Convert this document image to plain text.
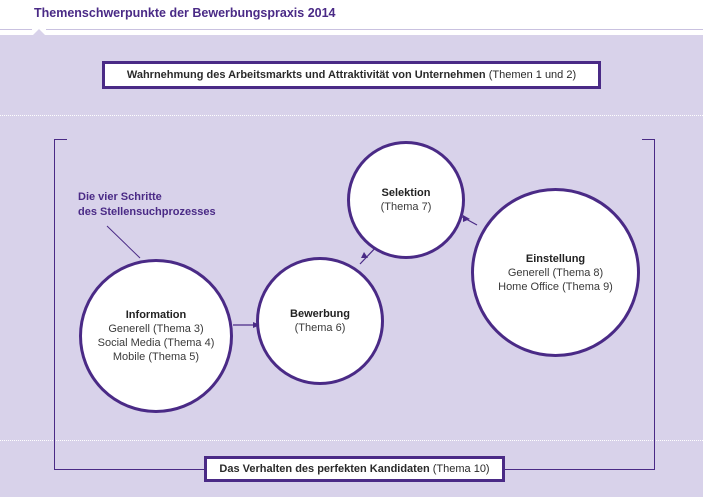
Themenschwerpunkte der Bewerbungspraxis 2014
Wahrnehmung des Arbeitsmarkts und Attraktivität von Unternehmen (Themen 1 und 2)
Die vier Schritte
des Stellensuchprozesses
Information
Generell (Thema 3)
Social Media (Thema 4)
Mobile (Thema 5)
Bewerbung
(Thema 6)
Selektion
(Thema 7)
Einstellung
Generell (Thema 8)
Home Office (Thema 9)
Das Verhalten des perfekten Kandidaten (Thema 10)
